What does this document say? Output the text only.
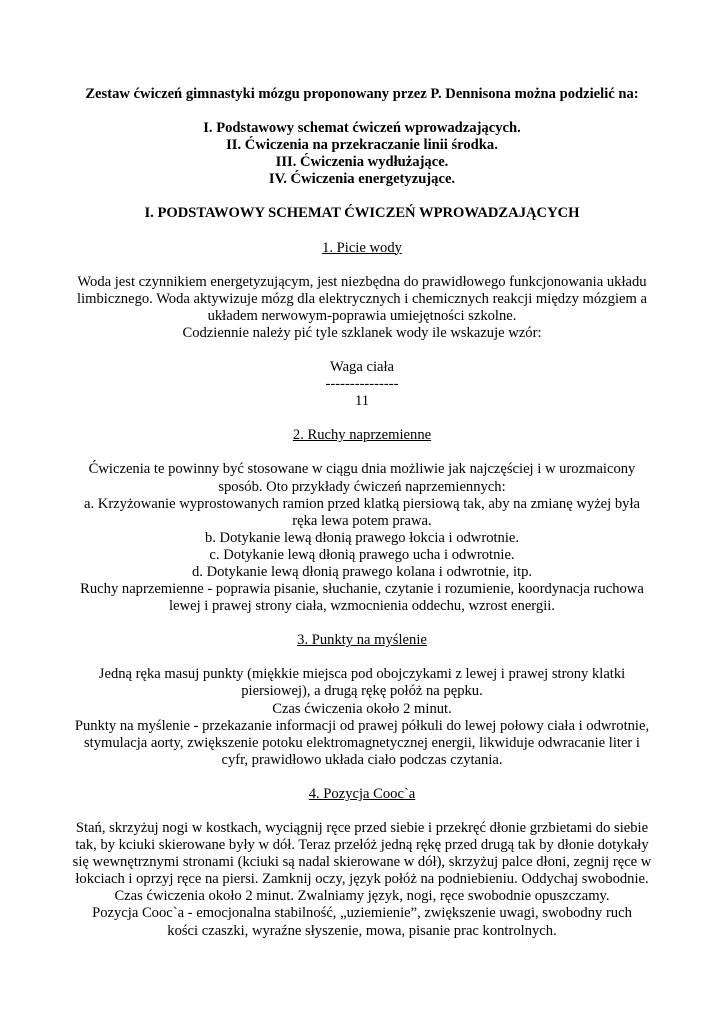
Zestaw ćwiczeń gimnastyki mózgu proponowany przez P. Dennisona można podzielić na:

I. Podstawowy schemat ćwiczeń wprowadzających.

II. Ćwiczenia na przekraczanie linii środka.

III. Ćwiczenia wydłużające.

IV. Ćwiczenia energetyzujące.

I. PODSTAWOWY SCHEMAT ĆWICZEŃ WPROWADZAJĄCYCH

1. Picie wody

Woda jest czynnikiem energetyzującym, jest niezbędna do prawidłowego funkcjonowania układu

limbicznego. Woda aktywizuje mózg dla elektrycznych i chemicznych reakcji między mózgiem a

układem nerwowym-poprawia umiejętności szkolne.

Codziennie należy pić tyle szklanek wody ile wskazuje wzór:

Waga ciała

---------------

11

2. Ruchy naprzemienne

Ćwiczenia te powinny być stosowane w ciągu dnia możliwie jak najczęściej i w urozmaicony

sposób. Oto przykłady ćwiczeń naprzemiennych:

a. Krzyżowanie wyprostowanych ramion przed klatką piersiową tak, aby na zmianę wyżej była

ręka lewa potem prawa.

b. Dotykanie lewą dłonią prawego łokcia i odwrotnie.

c. Dotykanie lewą dłonią prawego ucha i odwrotnie.

d. Dotykanie lewą dłonią prawego kolana i odwrotnie, itp.

Ruchy naprzemienne - poprawia pisanie, słuchanie, czytanie i rozumienie, koordynacja ruchowa

lewej i prawej strony ciała, wzmocnienia oddechu, wzrost energii.

3. Punkty na myślenie

Jedną ręka masuj punkty (miękkie miejsca pod obojczykami z lewej i prawej strony klatki

piersiowej), a drugą rękę połóż na pępku.

Czas ćwiczenia około 2 minut.

Punkty na myślenie - przekazanie informacji od prawej półkuli do lewej połowy ciała i odwrotnie,

stymulacja aorty, zwiększenie potoku elektromagnetycznej energii, likwiduje odwracanie liter i

cyfr, prawidłowo układa ciało podczas czytania.

4. Pozycja Cooc`a

Stań, skrzyżuj nogi w kostkach, wyciągnij ręce przed siebie i przekręć dłonie grzbietami do siebie

tak, by kciuki skierowane były w dół. Teraz przełóż jedną rękę przed drugą tak by dłonie dotykały

się wewnętrznymi stronami (kciuki są nadal skierowane w dół), skrzyżuj palce dłoni, zegnij ręce w

łokciach i oprzyj ręce na piersi. Zamknij oczy, język połóż na podniebieniu. Oddychaj swobodnie.

Czas ćwiczenia około 2 minut. Zwalniamy język, nogi, ręce swobodnie opuszczamy.

Pozycja Cooc`a - emocjonalna stabilność, „uziemienie”, zwiększenie uwagi, swobodny ruch

kości czaszki, wyraźne słyszenie, mowa, pisanie prac kontrolnych.
